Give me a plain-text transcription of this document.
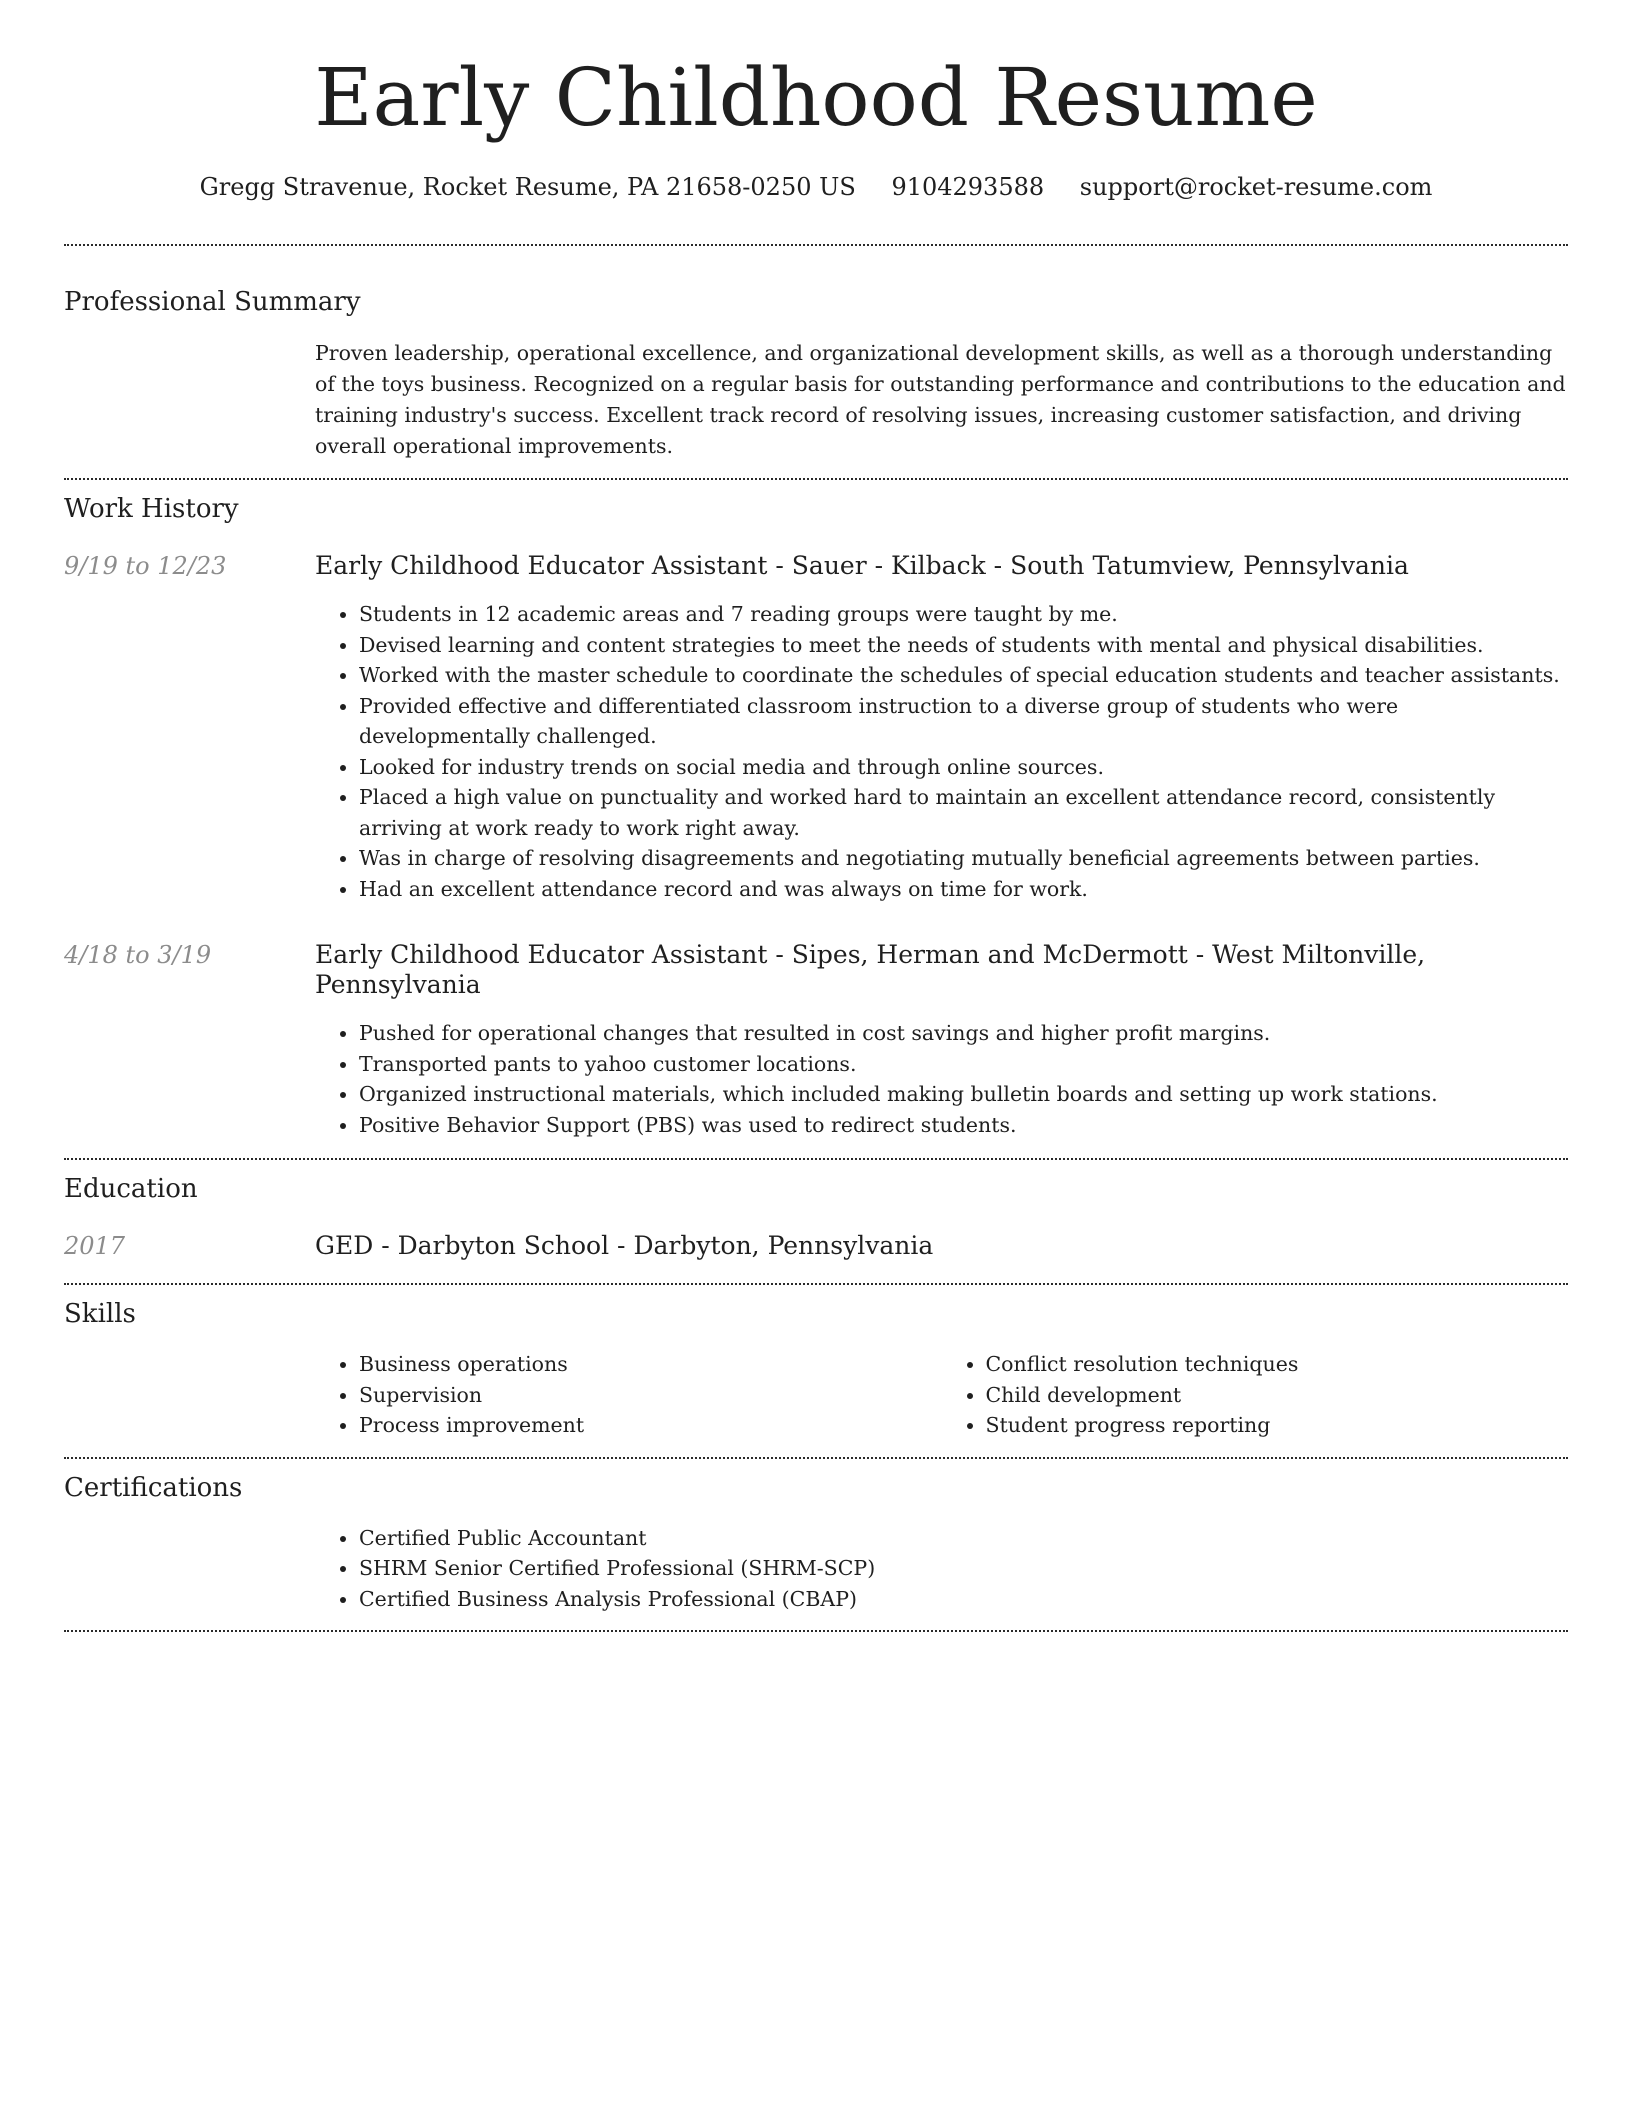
Early Childhood Resume
Gregg Stravenue, Rocket Resume, PA 21658-0250 US 9104293588 support@rocket-resume.com
Professional Summary

Proven leadership, operational excellence, and organizational development skills, as well as a thorough understanding of the toys business. Recognized on a regular basis for outstanding performance and contributions to the education and training industry's success. Excellent track record of resolving issues, increasing customer satisfaction, and driving overall operational improvements.

Work History
9/19 to 12/23	Early Childhood Educator Assistant - Sauer - Kilback - South Tatumview, Pennsylvania
• Students in 12 academic areas and 7 reading groups were taught by me.
• Devised learning and content strategies to meet the needs of students with mental and physical disabilities.
• Worked with the master schedule to coordinate the schedules of special education students and teacher assistants.
• Provided effective and differentiated classroom instruction to a diverse group of students who were developmentally challenged.
• Looked for industry trends on social media and through online sources.
• Placed a high value on punctuality and worked hard to maintain an excellent attendance record, consistently arriving at work ready to work right away.
• Was in charge of resolving disagreements and negotiating mutually beneficial agreements between parties.
• Had an excellent attendance record and was always on time for work.
4/18 to 3/19	Early Childhood Educator Assistant - Sipes, Herman and McDermott - West Miltonville, Pennsylvania
• Pushed for operational changes that resulted in cost savings and higher profit margins.
• Transported pants to yahoo customer locations.
• Organized instructional materials, which included making bulletin boards and setting up work stations.
• Positive Behavior Support (PBS) was used to redirect students.
Education
2017	GED - Darbyton School - Darbyton, Pennsylvania
Skills
• Business operations
• Supervision
• Process improvement
• Conflict resolution techniques
• Child development
• Student progress reporting
Certifications
• Certified Public Accountant
• SHRM Senior Certified Professional (SHRM-SCP)
• Certified Business Analysis Professional (CBAP)
